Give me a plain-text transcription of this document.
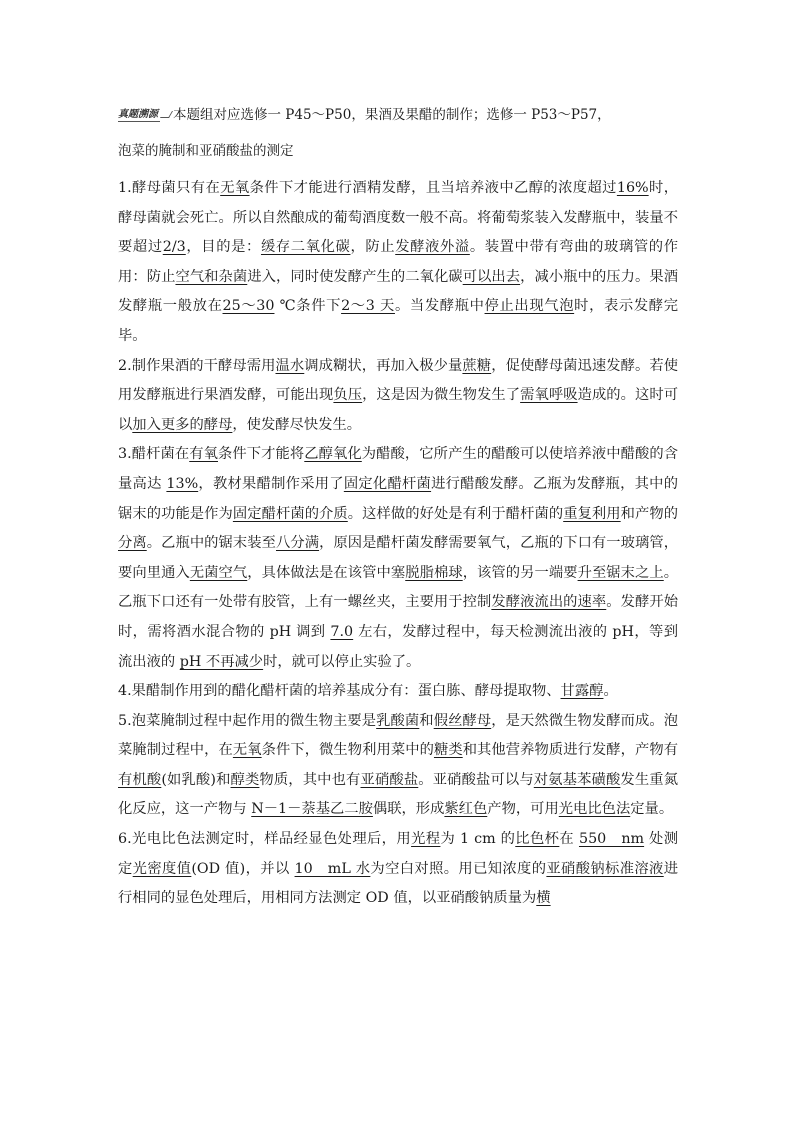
真题溯源 本题组对应选修一 P45～P50，果酒及果醋的制作；选修一 P53～P57，
泡菜的腌制和亚硝酸盐的测定

1.酵母菌只有在无氧条件下才能进行酒精发酵，且当培养液中乙醇的浓度超过16%时，酵母菌就会死亡。所以自然酿成的葡萄酒度数一般不高。将葡萄浆装入发酵瓶中，装量不要超过2/3，目的是：缓存二氧化碳，防止发酵液外溢。装置中带有弯曲的玻璃管的作用：防止空气和杂菌进入，同时使发酵产生的二氧化碳可以出去，减小瓶中的压力。果酒发酵瓶一般放在25～30 ℃条件下2～3 天。当发酵瓶中停止出现气泡时，表示发酵完毕。

2.制作果酒的干酵母需用温水调成糊状，再加入极少量蔗糖，促使酵母菌迅速发酵。若使用发酵瓶进行果酒发酵，可能出现负压，这是因为微生物发生了需氧呼吸造成的。这时可以加入更多的酵母，使发酵尽快发生。

3.醋杆菌在有氧条件下才能将乙醇氧化为醋酸，它所产生的醋酸可以使培养液中醋酸的含量高达 13%，教材果醋制作采用了固定化醋杆菌进行醋酸发酵。乙瓶为发酵瓶，其中的锯末的功能是作为固定醋杆菌的介质。这样做的好处是有利于醋杆菌的重复利用和产物的分离。乙瓶中的锯末装至八分满，原因是醋杆菌发酵需要氧气，乙瓶的下口有一玻璃管，要向里通入无菌空气，具体做法是在该管中塞脱脂棉球，该管的另一端要升至锯末之上。乙瓶下口还有一处带有胶管，上有一螺丝夹，主要用于控制发酵液流出的速率。发酵开始时，需将酒水混合物的 pH 调到 7.0 左右，发酵过程中，每天检测流出液的 pH，等到流出液的 pH 不再减少时，就可以停止实验了。

4.果醋制作用到的醋化醋杆菌的培养基成分有：蛋白胨、酵母提取物、甘露醇。

5.泡菜腌制过程中起作用的微生物主要是乳酸菌和假丝酵母，是天然微生物发酵而成。泡菜腌制过程中，在无氧条件下，微生物利用菜中的糖类和其他营养物质进行发酵，产物有有机酸(如乳酸)和醇类物质，其中也有亚硝酸盐。亚硝酸盐可以与对氨基苯磺酸发生重氮化反应，这一产物与 N－1－萘基乙二胺偶联，形成紫红色产物，可用光电比色法定量。

6.光电比色法测定时，样品经显色处理后，用光程为 1 cm 的比色杯在 550　nm 处测定光密度值(OD 值)，并以 10　mL 水为空白对照。用已知浓度的亚硝酸钠标准溶液进行相同的显色处理后，用相同方法测定 OD 值，以亚硝酸钠质量为横
